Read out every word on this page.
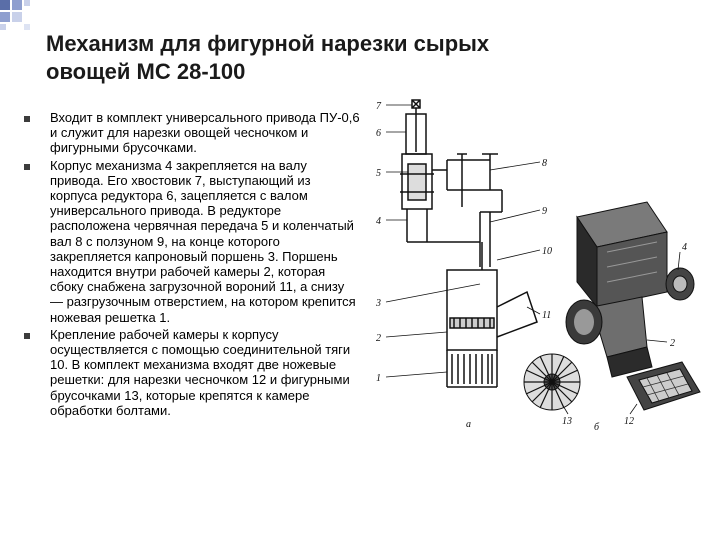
Механизм для фигурной нарезки сырых
овощей МС 28-100
Входит в комплект универсального привода ПУ-0,6 и служит для нарезки овощей чесночком и фигурными брусочками.
Корпус механизма 4 закрепляется на валу привода. Его хвостовик 7, выступающий из корпуса редуктора 6, зацепляется с валом универсального привода. В редукторе расположена червячная передача 5 и коленчатый вал 8 с ползуном 9, на конце которого закрепляется капроновый поршень 3. Поршень находится внутри рабочей камеры 2, которая сбоку снабжена загрузочной вороний 11, а снизу — разгрузочным отверстием, на котором крепится ножевая решетка 1.
Крепление рабочей камеры к корпусу осуществляется с помощью соединительной тяги 10. В комплект механизма входят две ножевые решетки: для нарезки чесночком 12 и фигурными брусочками 13, которые крепятся к камере обработки болтами.
7
6
5
4
3
2
1
8
9
10
11
а
4
2
13	12
б
